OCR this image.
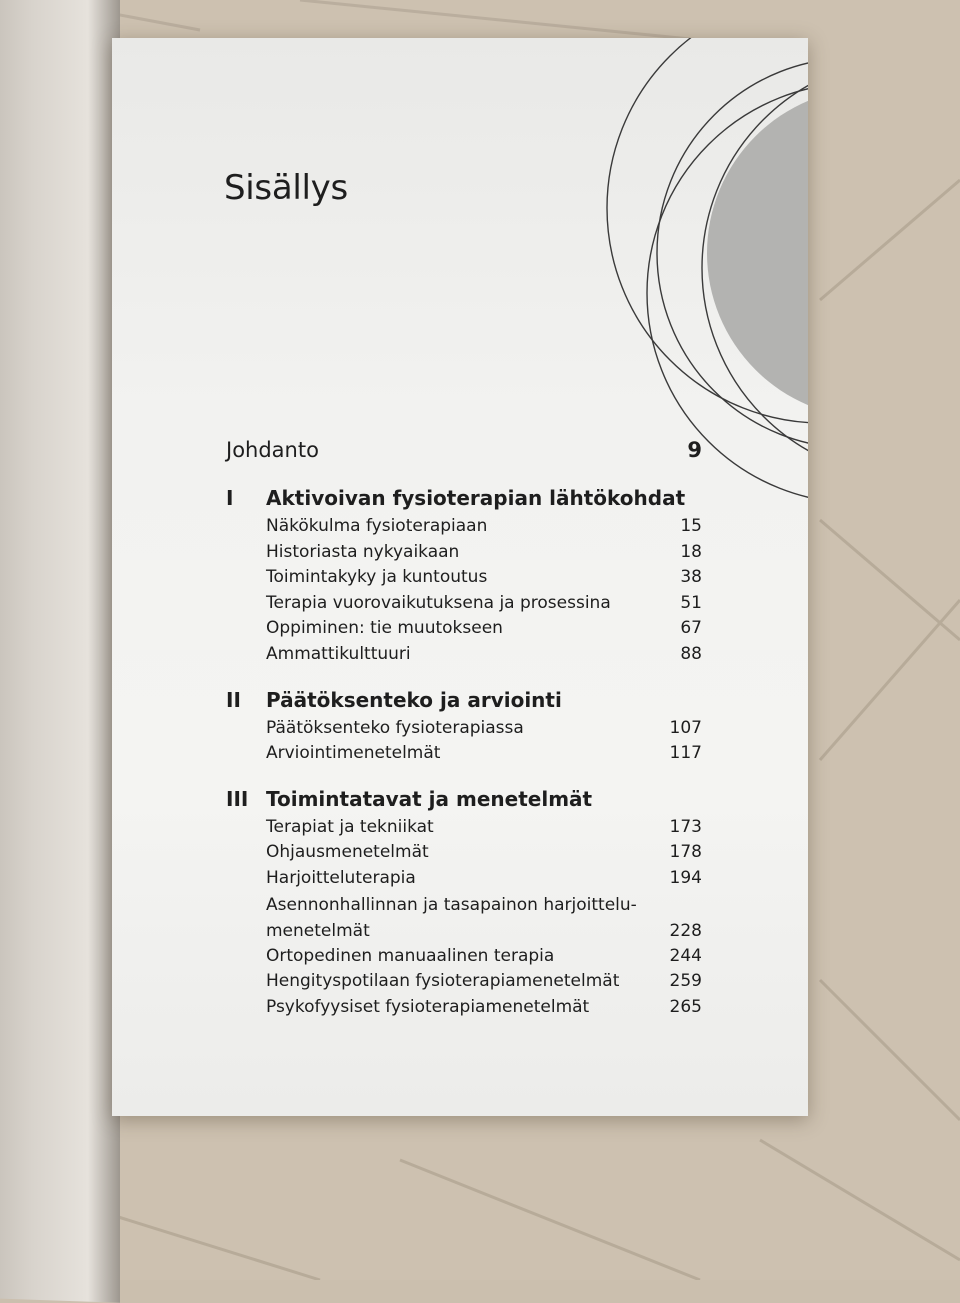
Sisällys
Johdanto	9
I	Aktivoivan fysioterapian lähtökohdat
Näkökulma fysioterapiaan	15
Historiasta nykyaikaan	18
Toimintakyky ja kuntoutus	38
Terapia vuorovaikutuksena ja prosessina	51
Oppiminen: tie muutokseen	67
Ammattikulttuuri	88
II	Päätöksenteko ja arviointi
Päätöksenteko fysioterapiassa	107
Arviointimenetelmät	117
III Toimintatavat ja menetelmät
Terapiat ja tekniikat	173
Ohjausmenetelmät	178
Harjoitteluterapia	194
Asennonhallinnan ja tasapainon harjoittelu-
menetelmät	228
Ortopedinen manuaalinen terapia	244
Hengityspotilaan fysioterapiamenetelmät	259
Psykofyysiset fysioterapiamenetelmät	265
